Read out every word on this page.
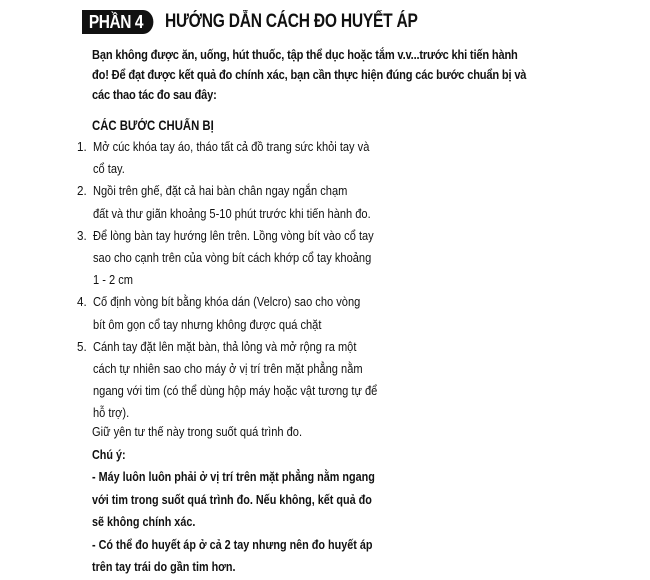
PHẦN 4	HƯỚNG DẪN CÁCH ĐO HUYẾT ÁP
Bạn không được ăn, uống, hút thuốc, tập thể dục hoặc tắm v.v...trước khi tiến hành
đo! Để đạt được kết quả đo chính xác, bạn cần thực hiện đúng các bước chuẩn bị và
các thao tác đo sau đây:
CÁC BƯỚC CHUẨN BỊ
1. Mở cúc khóa tay áo, tháo tất cả đồ trang sức khỏi tay và
cổ tay.
2. Ngồi trên ghế, đặt cả hai bàn chân ngay ngắn chạm
đất và thư giãn khoảng 5-10 phút trước khi tiến hành đo.
3. Để lòng bàn tay hướng lên trên. Lồng vòng bít vào cổ tay
sao cho cạnh trên của vòng bít cách khớp cổ tay khoảng
1 - 2 cm
4. Cố định vòng bít bằng khóa dán (Velcro) sao cho vòng
bít ôm gọn cổ tay nhưng không được quá chặt
5. Cánh tay đặt lên mặt bàn, thả lỏng và mở rộng ra một
cách tự nhiên sao cho máy ở vị trí trên mặt phẳng nằm
ngang với tim (có thể dùng hộp máy hoặc vật tương tự để
hỗ trợ).
Giữ yên tư thế này trong suốt quá trình đo.
Chú ý:
- Máy luôn luôn phải ở vị trí trên mặt phẳng nằm ngang
với tim trong suốt quá trình đo. Nếu không, kết quả đo
sẽ không chính xác.
- Có thể đo huyết áp ở cả 2 tay nhưng nên đo huyết áp
trên tay trái do gần tim hơn.
